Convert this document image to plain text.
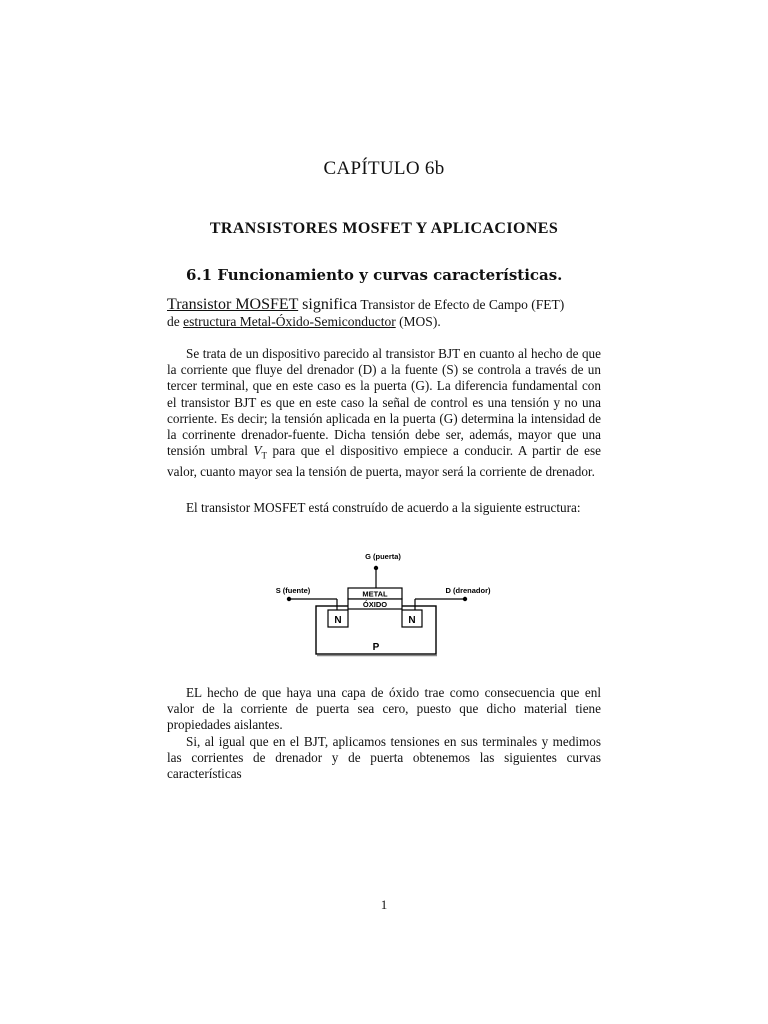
CAPÍTULO 6b
TRANSISTORES MOSFET Y APLICACIONES
6.1 Funcionamiento y curvas características.
Transistor MOSFET significa Transistor de Efecto de Campo (FET)
de estructura Metal-Óxido-Semiconductor (MOS).

Se trata de un dispositivo parecido al transistor BJT en cuanto al hecho de que la corriente que fluye del drenador (D) a la fuente (S) se controla a través de un tercer terminal, que en este caso es la puerta (G). La diferencia fundamental con el transistor BJT es que en este caso la señal de control es una tensión y no una corriente. Es decir; la tensión aplicada en la puerta (G) determina la intensidad de la corrinente drenador-fuente. Dicha tensión debe ser, además, mayor que una tensión umbral $V_T$ para que el dispositivo empiece a conducir. A partir de ese valor, cuanto mayor sea la tensión de puerta, mayor será la corriente de drenador.

El transistor MOSFET está construído de acuerdo a la siguiente estructura:

G (puerta)
S (fuente)	D (drenador)
METAL
ÓXIDO
N	N
P

EL hecho de que haya una capa de óxido trae como consecuencia que enl valor de la corriente de puerta sea cero, puesto que dicho material tiene propiedades aislantes.

Si, al igual que en el BJT, aplicamos tensiones en sus terminales y medimos las corrientes de drenador y de puerta obtenemos las siguientes curvas características

1
